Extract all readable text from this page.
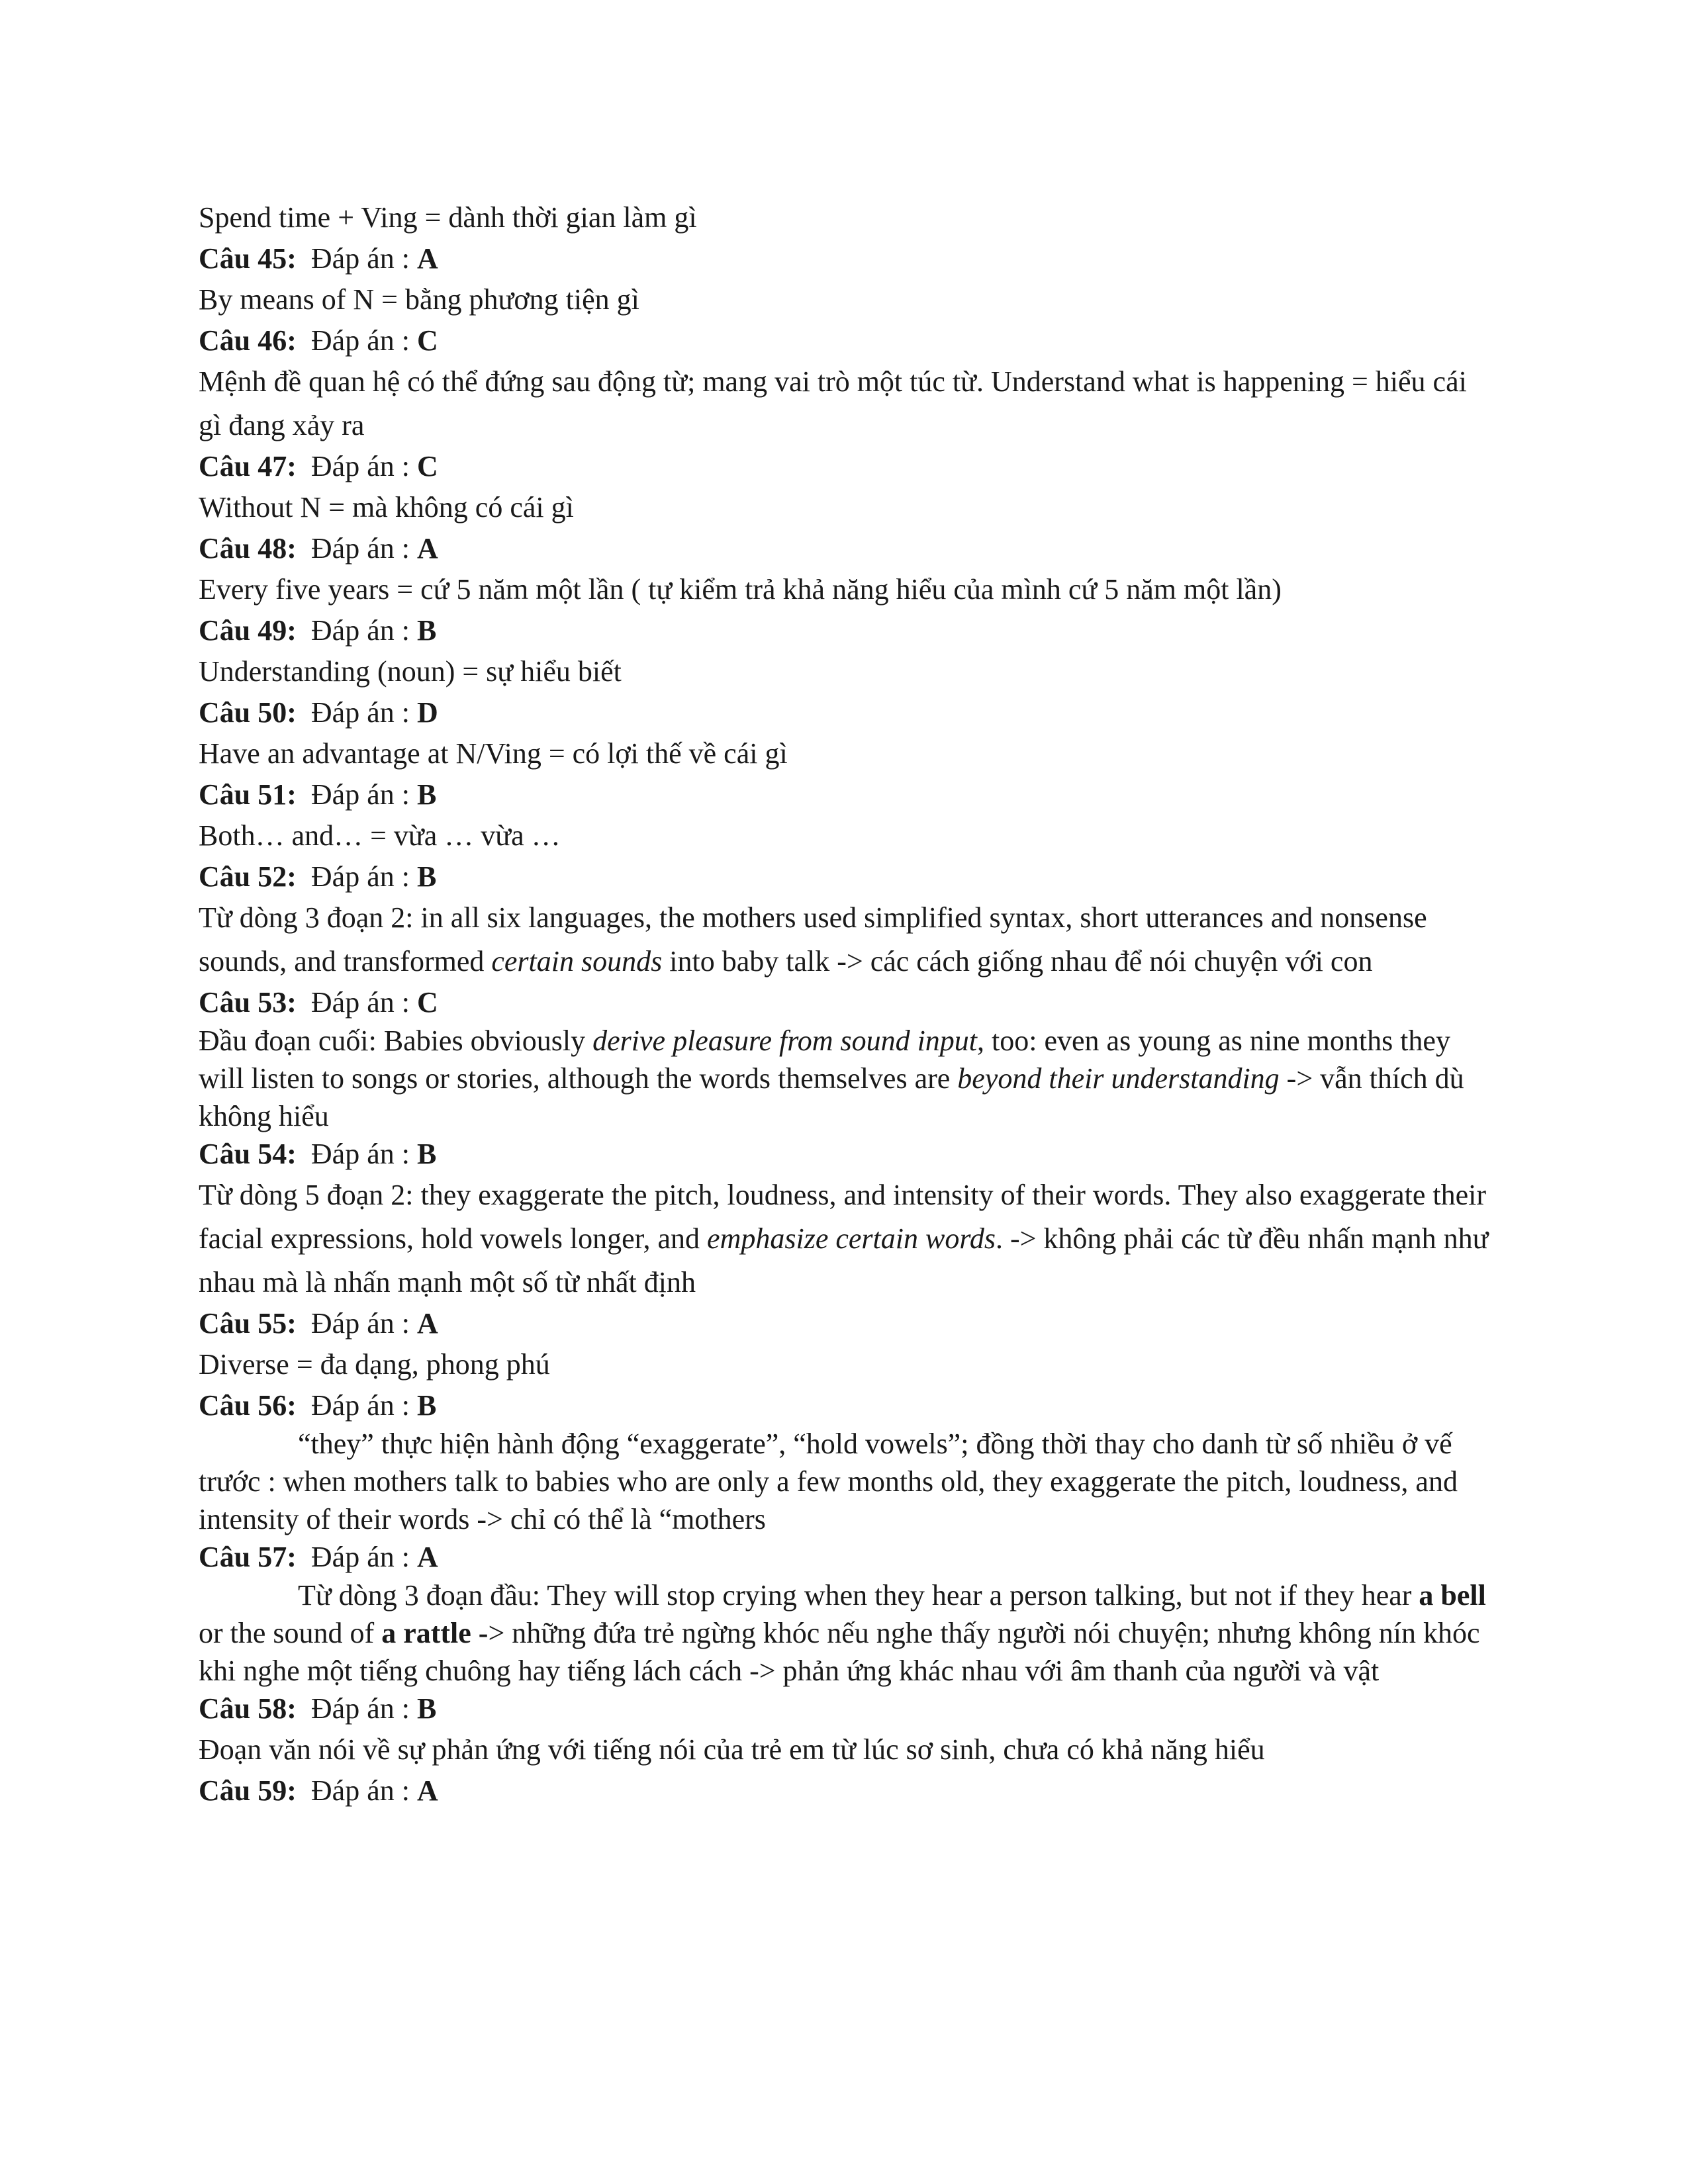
Spend time + Ving = dành thời gian làm gì
Câu 45: Đáp án : A
By means of N = bằng phương tiện gì
Câu 46: Đáp án : C
Mệnh đề quan hệ có thể đứng sau động từ; mang vai trò một túc từ. Understand what is happening = hiểu cái gì đang xảy ra
Câu 47: Đáp án : C
Without N = mà không có cái gì
Câu 48: Đáp án : A
Every five years = cứ 5 năm một lần ( tự kiểm trả khả năng hiểu của mình cứ 5 năm một lần)
Câu 49: Đáp án : B
Understanding (noun) = sự hiểu biết
Câu 50: Đáp án : D
Have an advantage at N/Ving = có lợi thế về cái gì
Câu 51: Đáp án : B
Both… and… = vừa … vừa …
Câu 52: Đáp án : B
Từ dòng 3 đoạn 2: in all six languages, the mothers used simplified syntax, short utterances and nonsense sounds, and transformed certain sounds into baby talk -> các cách giống nhau để nói chuyện với con
Câu 53: Đáp án : C
Đầu đoạn cuối: Babies obviously derive pleasure from sound input, too: even as young as nine months they will listen to songs or stories, although the words themselves are beyond their understanding -> vẫn thích dù không hiểu
Câu 54: Đáp án : B
Từ dòng 5 đoạn 2: they exaggerate the pitch, loudness, and intensity of their words. They also exaggerate their facial expressions, hold vowels longer, and emphasize certain words. -> không phải các từ đều nhấn mạnh như nhau mà là nhấn mạnh một số từ nhất định
Câu 55: Đáp án : A
Diverse = đa dạng, phong phú
Câu 56: Đáp án : B
“they” thực hiện hành động “exaggerate”, “hold vowels”; đồng thời thay cho danh từ số nhiều ở vế trước : when mothers talk to babies who are only a few months old, they exaggerate the pitch, loudness, and intensity of their words -> chỉ có thể là “mothers
Câu 57: Đáp án : A
Từ dòng 3 đoạn đầu: They will stop crying when they hear a person talking, but not if they hear a bell or the sound of a rattle -> những đứa trẻ ngừng khóc nếu nghe thấy người nói chuyện; nhưng không nín khóc khi nghe một tiếng chuông hay tiếng lách cách -> phản ứng khác nhau với âm thanh của người và vật
Câu 58: Đáp án : B
Đoạn văn nói về sự phản ứng với tiếng nói của trẻ em từ lúc sơ sinh, chưa có khả năng hiểu
Câu 59: Đáp án : A
